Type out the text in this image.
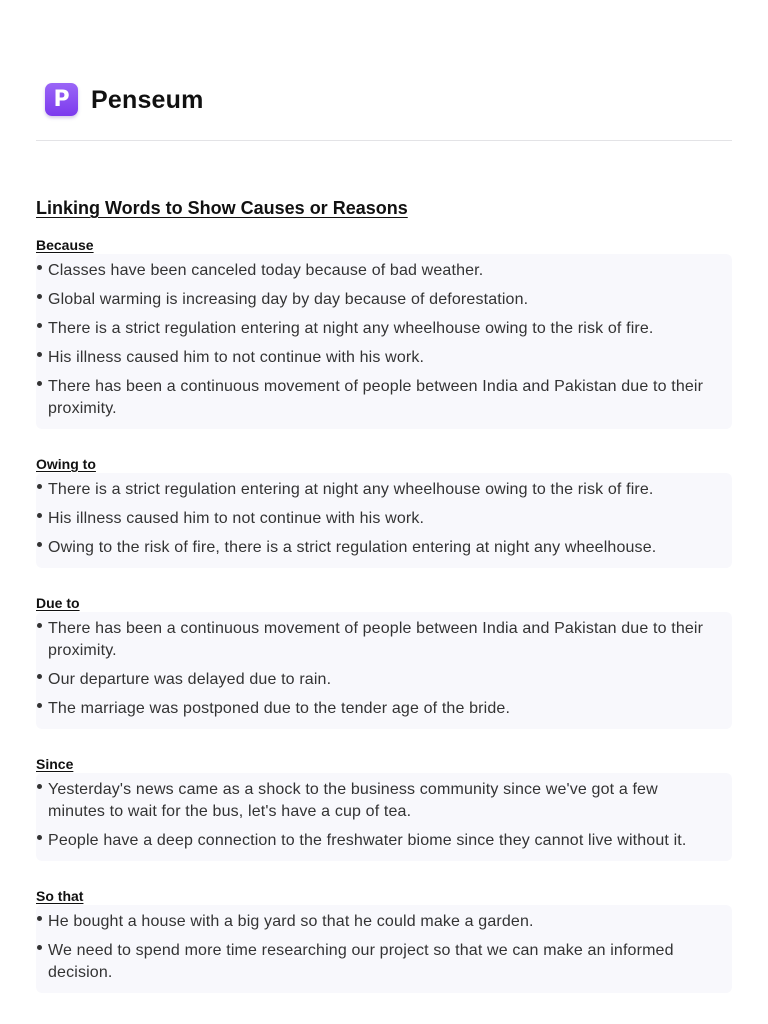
P Penseum
Linking Words to Show Causes or Reasons
Because
Classes have been canceled today because of bad weather.
Global warming is increasing day by day because of deforestation.
There is a strict regulation entering at night any wheelhouse owing to the risk of fire.
His illness caused him to not continue with his work.
There has been a continuous movement of people between India and Pakistan due to their proximity.
Owing to
There is a strict regulation entering at night any wheelhouse owing to the risk of fire.
His illness caused him to not continue with his work.
Owing to the risk of fire, there is a strict regulation entering at night any wheelhouse.
Due to
There has been a continuous movement of people between India and Pakistan due to their proximity.
Our departure was delayed due to rain.
The marriage was postponed due to the tender age of the bride.
Since
Yesterday's news came as a shock to the business community since we've got a few minutes to wait for the bus, let's have a cup of tea.
People have a deep connection to the freshwater biome since they cannot live without it.
So that
He bought a house with a big yard so that he could make a garden.
We need to spend more time researching our project so that we can make an informed decision.
